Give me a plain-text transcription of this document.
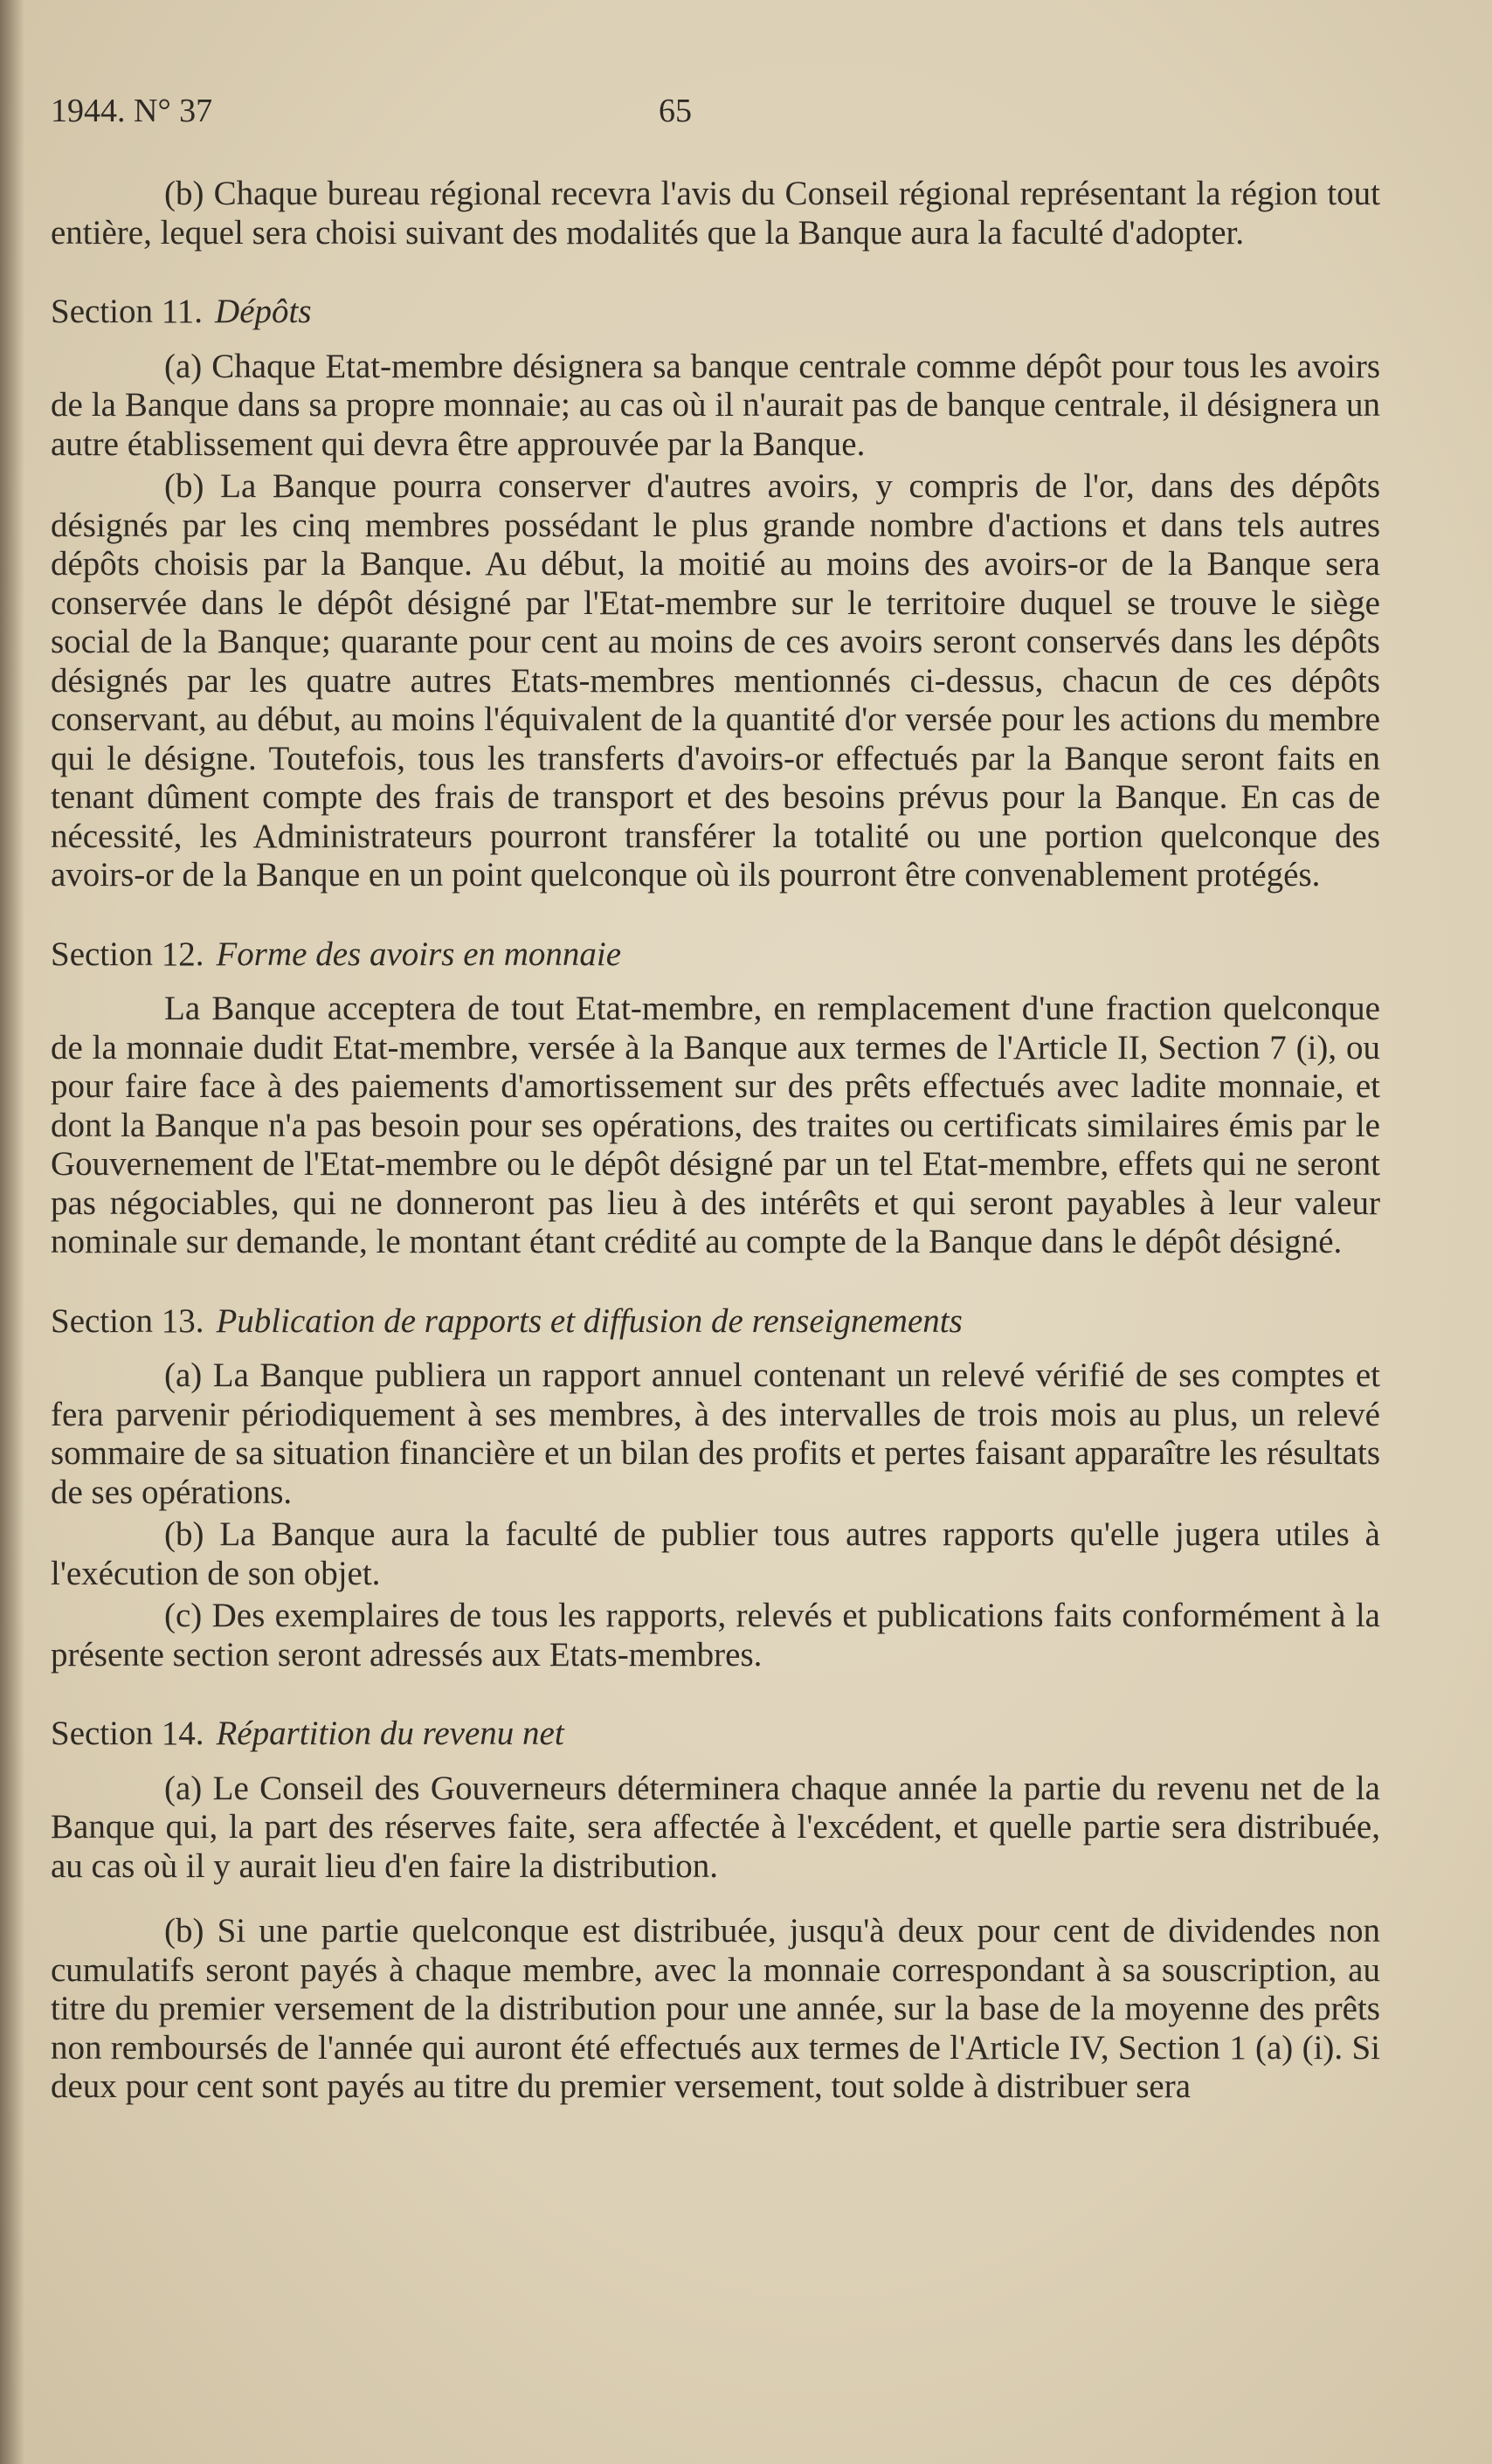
1944. N° 37	65

(b) Chaque bureau régional recevra l'avis du Conseil régional représentant la région tout entière, lequel sera choisi suivant des modalités que la Banque aura la faculté d'adopter.

Section 11. Dépôts

(a) Chaque Etat-membre désignera sa banque centrale comme dépôt pour tous les avoirs de la Banque dans sa propre monnaie; au cas où il n'aurait pas de banque centrale, il désignera un autre établissement qui devra être approuvée par la Banque.

(b) La Banque pourra conserver d'autres avoirs, y compris de l'or, dans des dépôts désignés par les cinq membres possédant le plus grande nombre d'actions et dans tels autres dépôts choisis par la Banque. Au début, la moitié au moins des avoirs-or de la Banque sera conservée dans le dépôt désigné par l'Etat-membre sur le territoire duquel se trouve le siège social de la Banque; quarante pour cent au moins de ces avoirs seront conservés dans les dépôts désignés par les quatre autres Etats-membres mentionnés ci-dessus, chacun de ces dépôts conservant, au début, au moins l'équivalent de la quantité d'or versée pour les actions du membre qui le désigne. Toutefois, tous les transferts d'avoirs-or effectués par la Banque seront faits en tenant dûment compte des frais de transport et des besoins prévus pour la Banque. En cas de nécessité, les Administrateurs pourront transférer la totalité ou une portion quelconque des avoirs-or de la Banque en un point quelconque où ils pourront être convenablement protégés.

Section 12. Forme des avoirs en monnaie

La Banque acceptera de tout Etat-membre, en remplacement d'une fraction quelconque de la monnaie dudit Etat-membre, versée à la Banque aux termes de l'Article II, Section 7 (i), ou pour faire face à des paiements d'amortissement sur des prêts effectués avec ladite monnaie, et dont la Banque n'a pas besoin pour ses opérations, des traites ou certificats similaires émis par le Gouvernement de l'Etat-membre ou le dépôt désigné par un tel Etat-membre, effets qui ne seront pas négociables, qui ne donneront pas lieu à des intérêts et qui seront payables à leur valeur nominale sur demande, le montant étant crédité au compte de la Banque dans le dépôt désigné.

Section 13. Publication de rapports et diffusion de renseignements

(a) La Banque publiera un rapport annuel contenant un relevé vérifié de ses comptes et fera parvenir périodiquement à ses membres, à des intervalles de trois mois au plus, un relevé sommaire de sa situation financière et un bilan des profits et pertes faisant apparaître les résultats de ses opérations.

(b) La Banque aura la faculté de publier tous autres rapports qu'elle jugera utiles à l'exécution de son objet.

(c) Des exemplaires de tous les rapports, relevés et publications faits conformément à la présente section seront adressés aux Etats-membres.

Section 14. Répartition du revenu net

(a) Le Conseil des Gouverneurs déterminera chaque année la partie du revenu net de la Banque qui, la part des réserves faite, sera affectée à l'excédent, et quelle partie sera distribuée, au cas où il y aurait lieu d'en faire la distribution.

(b) Si une partie quelconque est distribuée, jusqu'à deux pour cent de dividendes non cumulatifs seront payés à chaque membre, avec la monnaie correspondant à sa souscription, au titre du premier versement de la distribution pour une année, sur la base de la moyenne des prêts non remboursés de l'année qui auront été effectués aux termes de l'Article IV, Section 1 (a) (i). Si deux pour cent sont payés au titre du premier versement, tout solde à distribuer sera
